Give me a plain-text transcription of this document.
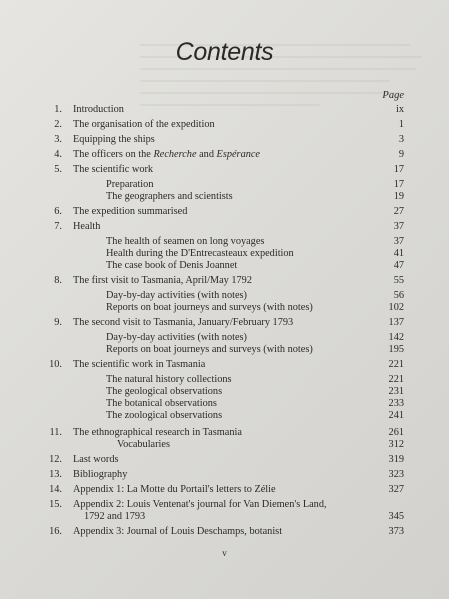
Contents
Page
1. Introduction	ix
2. The organisation of the expedition	1
3. Equipping the ships	3
4. The officers on the Recherche and Espérance	9
5. The scientific work	17
Preparation	17
The geographers and scientists	19
6. The expedition summarised	27
7. Health	37
The health of seamen on long voyages	37
Health during the D'Entrecasteaux expedition	41
The case book of Denis Joannet	47
8. The first visit to Tasmania, April/May 1792	55
Day-by-day activities (with notes)	56
Reports on boat journeys and surveys (with notes)	102
9. The second visit to Tasmania, January/February 1793	137
Day-by-day activities (with notes)	142
Reports on boat journeys and surveys (with notes)	195
10. The scientific work in Tasmania	221
The natural history collections	221
The geological observations	231
The botanical observations	233
The zoological observations	241
11. The ethnographical research in Tasmania	261
Vocabularies	312
12. Last words	319
13. Bibliography	323
14. Appendix 1: La Motte du Portail's letters to Zélie	327
15. Appendix 2: Louis Ventenat's journal for Van Diemen's Land,
1792 and 1793	345
16. Appendix 3: Journal of Louis Deschamps, botanist	373
v
